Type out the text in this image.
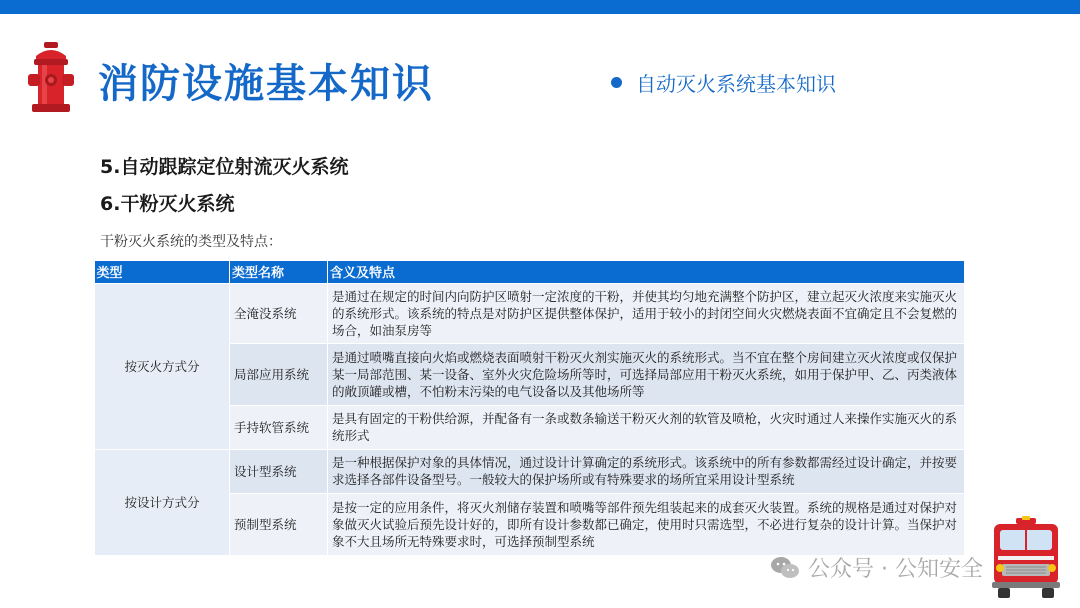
消防设施基本知识	自动灭火系统基本知识
5.自动跟踪定位射流灭火系统
6.干粉灭火系统
干粉灭火系统的类型及特点：
类型	类型名称	含义及特点
按灭火方式分	全淹没系统	是通过在规定的时间内向防护区喷射一定浓度的干粉，并使其均匀地充满整个防护区，建立起灭火浓度来实施灭火的系统形式。该系统的特点是对防护区提供整体保护，适用于较小的封闭空间火灾燃烧表面不宜确定且不会复燃的场合，如油泵房等
	局部应用系统	是通过喷嘴直接向火焰或燃烧表面喷射干粉灭火剂实施灭火的系统形式。当不宜在整个房间建立灭火浓度或仅保护某一局部范围、某一设备、室外火灾危险场所等时，可选择局部应用干粉灭火系统，如用于保护甲、乙、丙类液体的敞顶罐或槽，不怕粉末污染的电气设备以及其他场所等
	手持软管系统	是具有固定的干粉供给源，并配备有一条或数条输送干粉灭火剂的软管及喷枪，火灾时通过人来操作实施灭火的系统形式
按设计方式分	设计型系统	是一种根据保护对象的具体情况，通过设计计算确定的系统形式。该系统中的所有参数都需经过设计确定，并按要求选择各部件设备型号。一般较大的保护场所或有特殊要求的场所宜采用设计型系统
	预制型系统	是按一定的应用条件，将灭火剂储存装置和喷嘴等部件预先组装起来的成套灭火装置。系统的规格是通过对保护对象做灭火试验后预先设计好的，即所有设计参数都已确定，使用时只需选型，不必进行复杂的设计计算。当保护对象不大且场所无特殊要求时，可选择预制型系统
公众号 · 公知安全
